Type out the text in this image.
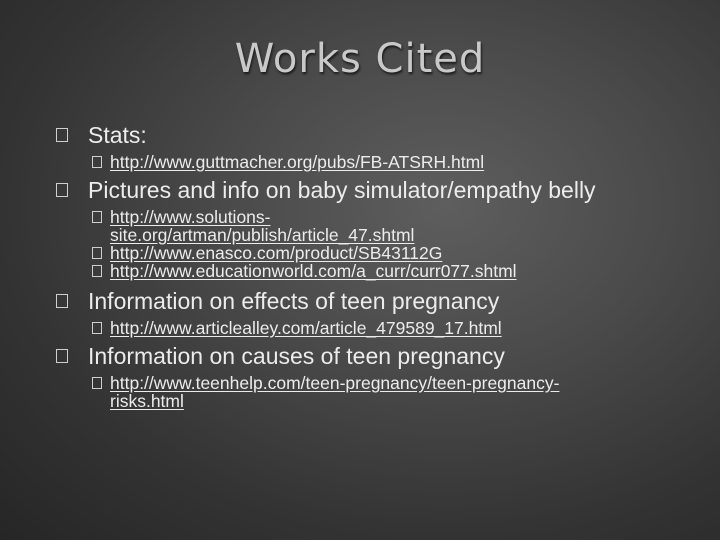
Works Cited
Stats:
http://www.guttmacher.org/pubs/FB-ATSRH.html
Pictures and info on baby simulator/empathy belly
http://www.solutions-
site.org/artman/publish/article_47.shtml
http://www.enasco.com/product/SB43112G
http://www.educationworld.com/a_curr/curr077.shtml
Information on effects of teen pregnancy
http://www.articlealley.com/article_479589_17.html
Information on causes of teen pregnancy
http://www.teenhelp.com/teen-pregnancy/teen-pregnancy-
risks.html
